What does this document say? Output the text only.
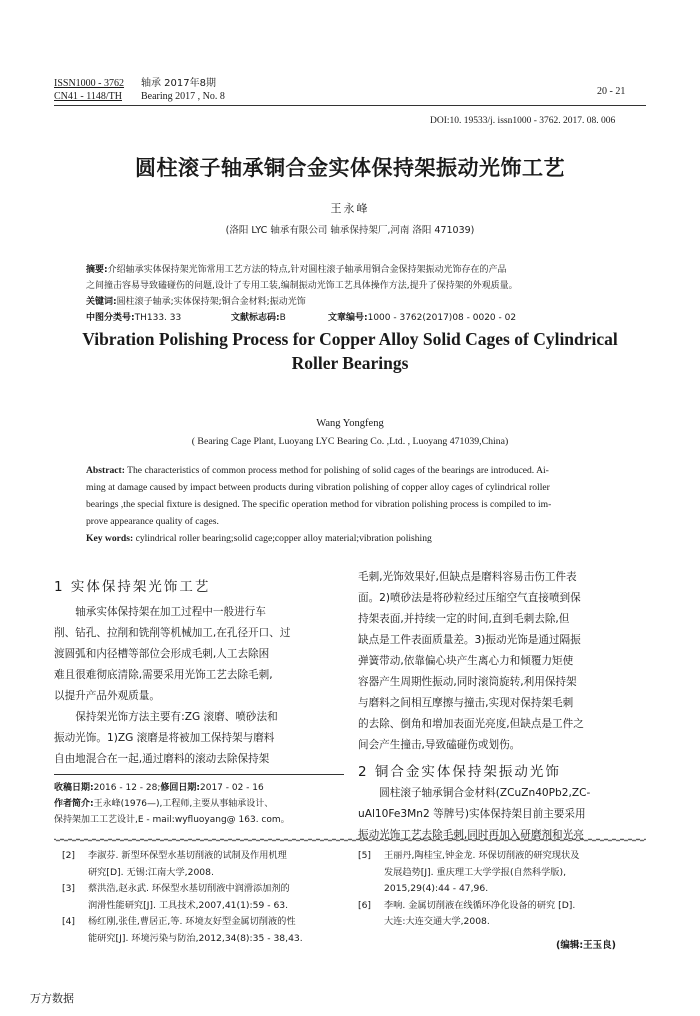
ISSN1000 - 3762
CN41 - 1148/TH
轴承 2017年8期
Bearing 2017 , No. 8	20 - 21
DOI:10. 19533/j. issn1000 - 3762. 2017. 08. 006
圆柱滚子轴承铜合金实体保持架振动光饰工艺
王永峰
(洛阳 LYC 轴承有限公司 轴承保持架厂,河南 洛阳 471039)
摘要:介绍轴承实体保持架光饰常用工艺方法的特点,针对圆柱滚子轴承用铜合金保持架振动光饰存在的产品
之间撞击容易导致磕碰伤的问题,设计了专用工装,编制振动光饰工艺具体操作方法,提升了保持架的外观质量。
关键词:圆柱滚子轴承;实体保持架;铜合金材料;振动光饰
中图分类号:TH133. 33	文献标志码:B	文章编号:1000 - 3762(2017)08 - 0020 - 02
Vibration Polishing Process for Copper Alloy Solid Cages of Cylindrical
Roller Bearings
Wang Yongfeng
( Bearing Cage Plant, Luoyang LYC Bearing Co. ,Ltd. , Luoyang 471039,China)
Abstract: The characteristics of common process method for polishing of solid cages of the bearings are introduced. Ai-
ming at damage caused by impact between products during vibration polishing of copper alloy cages of cylindrical roller
bearings ,the special fixture is designed. The specific operation method for vibration polishing process is compiled to im-
prove appearance quality of cages.
Key words: cylindrical roller bearing;solid cage;copper alloy material;vibration polishing
1 实体保持架光饰工艺
轴承实体保持架在加工过程中一般进行车
削、钻孔、拉削和铣削等机械加工,在孔径开口、过
渡圆弧和内径槽等部位会形成毛刺,人工去除困
难且很难彻底清除,需要采用光饰工艺去除毛刺,
以提升产品外观质量。
保持架光饰方法主要有:ZG 滚磨、喷砂法和
振动光饰。1)ZG 滚磨是将被加工保持架与磨料
自由地混合在一起,通过磨料的滚动去除保持架
毛刺,光饰效果好,但缺点是磨料容易击伤工件表
面。2)喷砂法是将砂粒经过压缩空气直接喷到保
持架表面,并持续一定的时间,直到毛刺去除,但
缺点是工件表面质量差。3)振动光饰是通过隔振
弹簧带动,依靠偏心块产生离心力和倾覆力矩使
容器产生周期性振动,同时滚筒旋转,利用保持架
与磨料之间相互摩擦与撞击,实现对保持架毛刺
的去除、倒角和增加表面光亮度,但缺点是工件之
间会产生撞击,导致磕碰伤或划伤。
2 铜合金实体保持架振动光饰
圆柱滚子轴承铜合金材料(ZCuZn40Pb2,ZC-
uAl10Fe3Mn2 等牌号)实体保持架目前主要采用
振动光饰工艺去除毛刺,同时再加入研磨剂和光亮
收稿日期:2016 - 12 - 28;修回日期:2017 - 02 - 16
作者简介:王永峰(1976—),工程师,主要从事轴承设计、
保持架加工工艺设计,E - mail:wyfluoyang@ 163. com。
[2] 李淑芬. 新型环保型水基切削液的试制及作用机理
研究[D]. 无锡:江南大学,2008.
[3] 蔡洪浩,赵永武. 环保型水基切削液中润滑添加剂的
润滑性能研究[J]. 工具技术,2007,41(1):59 - 63.
[4] 杨红刚,张佳,曹居正,等. 环境友好型金属切削液的性
能研究[J]. 环境污染与防治,2012,34(8):35 - 38,43.
[5] 王丽丹,陶桂宝,钟金龙. 环保切削液的研究现状及
发展趋势[J]. 重庆理工大学学报(自然科学版),
2015,29(4):44 - 47,96.
[6] 李响. 金属切削液在线循环净化设备的研究 [D].
大连:大连交通大学,2008.
(编辑:王玉良)
万方数据
